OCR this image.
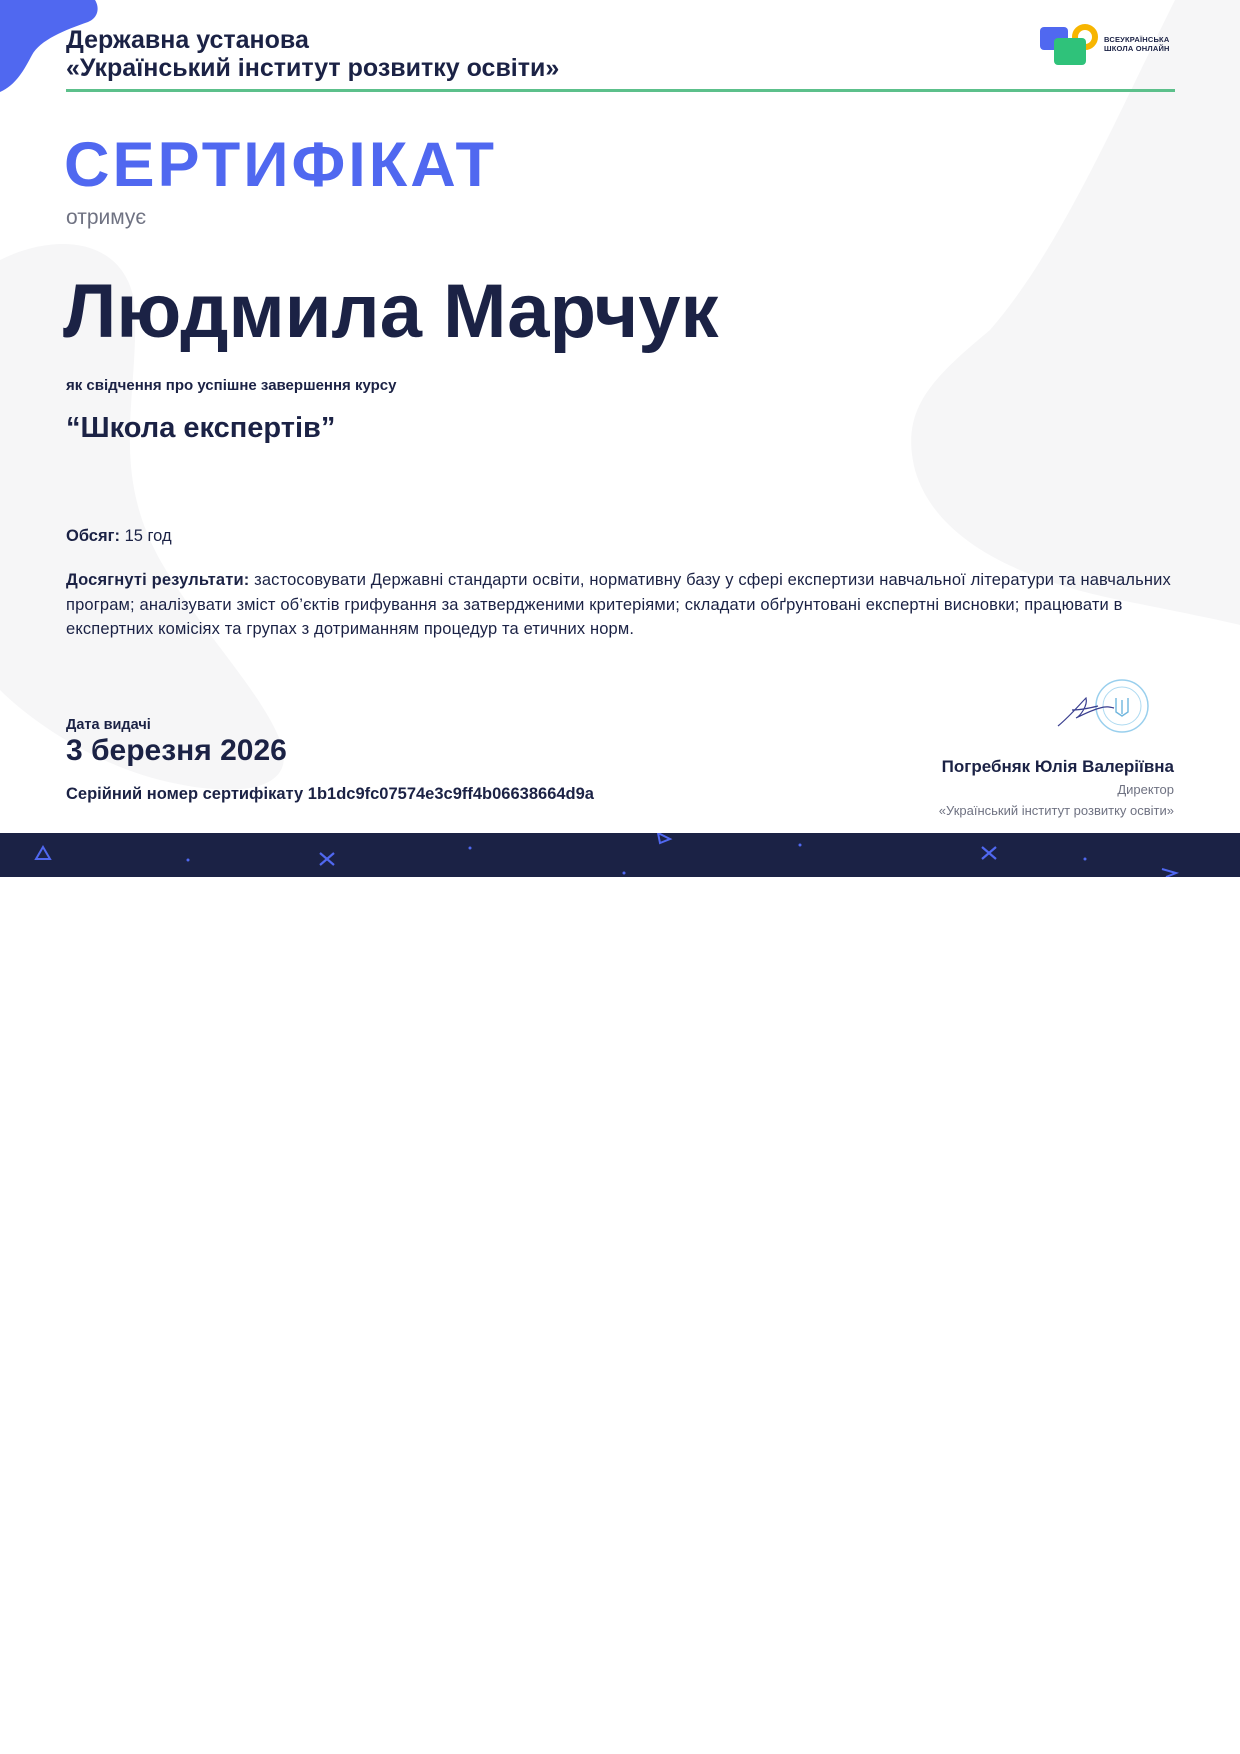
Державна установа
«Український інститут розвитку освіти»
ВСЕУКРАЇНСЬКА
ШКОЛА ОНЛАЙН
СЕРТИФІКАТ
отримує
Людмила Марчук
як свідчення про успішне завершення курсу
“Школа експертів”
Обсяг: 15 год
Досягнуті результати: застосовувати Державні стандарти освіти, нормативну базу у сфері експертизи навчальної літератури та навчальних програм; аналізувати зміст об’єктів грифування за затвердженими критеріями; складати обґрунтовані експертні висновки; працювати в експертних комісіях та групах з дотриманням процедур та етичних норм.
Дата видачі
3 березня 2026
Серійний номер сертифікату 1b1dc9fc07574e3c9ff4b06638664d9a
Погребняк Юлія Валеріївна
Директор
«Український інститут розвитку освіти»
